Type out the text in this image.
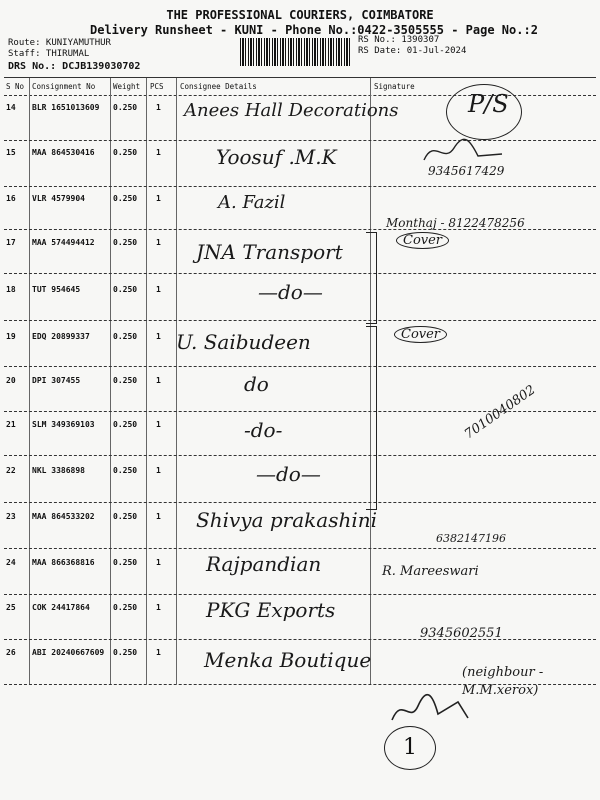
THE PROFESSIONAL COURIERS, COIMBATORE
Delivery Runsheet - KUNI - Phone No.:0422-3505555 - Page No.:2
Route: KUNIYAMUTHUR
Staff: THIRUMAL
DRS No.: DCJB139030702
RS No.: 1390307
RS Date: 01-Jul-2024
S No Consignment No Weight PCS Consignee Details	Signature
14 BLR 1651013609 0.250 1 Anees Hall Decorations	P/S
15 MAA 864530416 0.250 1	Yoosuf .M.K
9345617429
16 VLR 4579904	0.250 1	A. Fazil
Monthaj - 8122478256
17 MAA 574494412 0.250 1 JNA Transport	Cover
18 TUT 954645	0.250 1	—do—
19 EDQ 20899337	0.250 1 U. Saibudeen	Cover
20 DPI 307455	0.250 1	do
21 SLM 349369103 0.250 1	-do-	7010040802
22 NKL 3386898	0.250 1	—do—
23 MAA 864533202 0.250 1 Shivya prakashini
6382147196
24 MAA 866368816 0.250 1 Rajpandian	R. Mareeswari
25 COK 24417864	0.250 1 PKG Exports
9345602551
26 ABI 20240667609 0.250 1 Menka Boutique
(neighbour - M.M.xerox)
1
